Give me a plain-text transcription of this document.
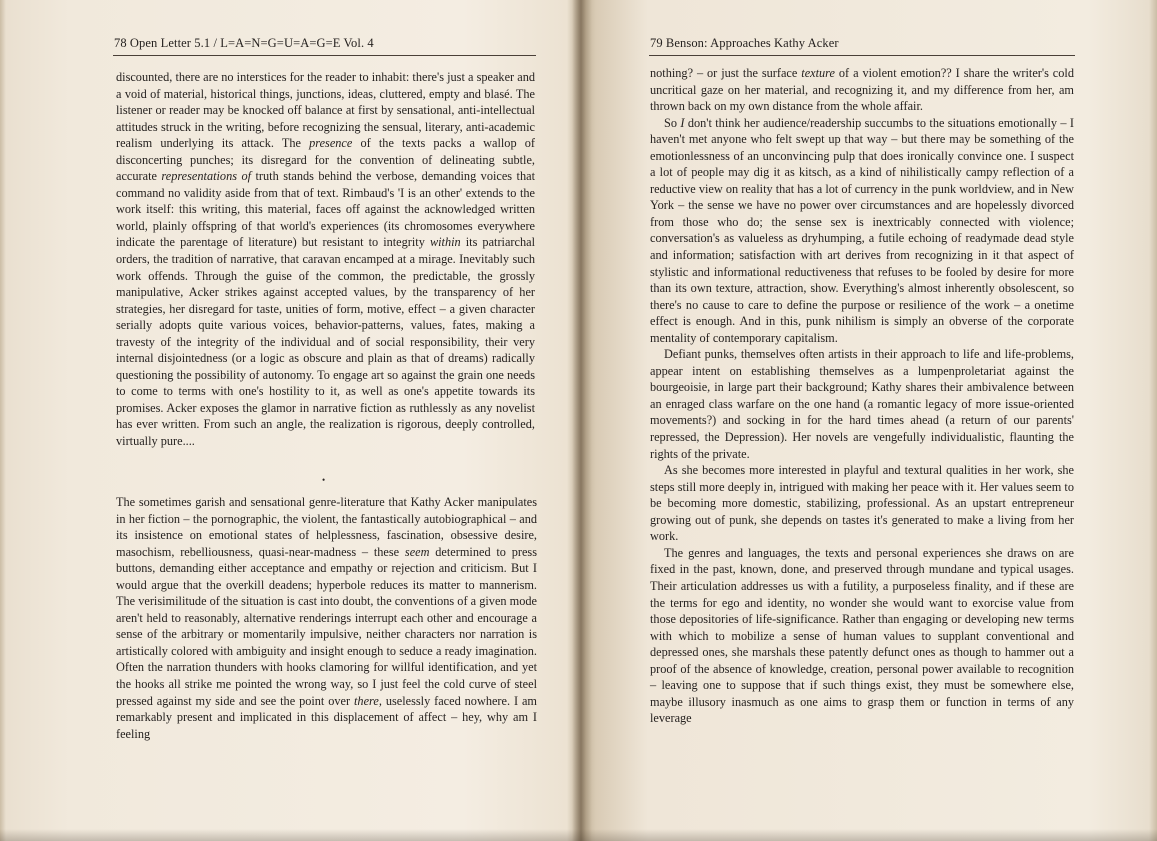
78 Open Letter 5.1 / L=A=N=G=U=A=G=E Vol. 4

discounted, there are no interstices for the reader to inhabit: there's just a speaker and a void of material, historical things, junctions, ideas, cluttered, empty and blasé. The listener or reader may be knocked off balance at first by sensational, anti-intellectual attitudes struck in the writing, before recognizing the sensual, literary, anti-academic realism underlying its attack. The presence of the texts packs a wallop of disconcerting punches; its disregard for the convention of delineating subtle, accurate representations of truth stands behind the verbose, demanding voices that command no validity aside from that of text. Rimbaud's 'I is an other' extends to the work itself: this writing, this material, faces off against the acknowledged written world, plainly offspring of that world's experiences (its chromosomes everywhere indicate the parentage of literature) but resistant to integrity within its patriarchal orders, the tradition of narrative, that caravan encamped at a mirage. Inevitably such work offends. Through the guise of the common, the predictable, the grossly manipulative, Acker strikes against accepted values, by the transparency of her strategies, her disregard for taste, unities of form, motive, effect – a given character serially adopts quite various voices, behavior-patterns, values, fates, making a travesty of the integrity of the individual and of social responsibility, their very internal disjointedness (or a logic as obscure and plain as that of dreams) radically questioning the possibility of autonomy. To engage art so against the grain one needs to come to terms with one's hostility to it, as well as one's appetite towards its promises. Acker exposes the glamor in narrative fiction as ruthlessly as any novelist has ever written. From such an angle, the realization is rigorous, deeply controlled, virtually pure....

•

The sometimes garish and sensational genre-literature that Kathy Acker manipulates in her fiction – the pornographic, the violent, the fantastically autobiographical – and its insistence on emotional states of helplessness, fascination, obsessive desire, masochism, rebelliousness, quasi-near-madness – these seem determined to press buttons, demanding either acceptance and empathy or rejection and criticism. But I would argue that the overkill deadens; hyperbole reduces its matter to mannerism. The verisimilitude of the situation is cast into doubt, the conventions of a given mode aren't held to reasonably, alternative renderings interrupt each other and encourage a sense of the arbitrary or momentarily impulsive, neither characters nor narration is artistically colored with ambiguity and insight enough to seduce a ready imagination. Often the narration thunders with hooks clamoring for willful identification, and yet the hooks all strike me pointed the wrong way, so I just feel the cold curve of steel pressed against my side and see the point over there, uselessly faced nowhere. I am remarkably present and implicated in this displacement of affect – hey, why am I feeling

79 Benson: Approaches Kathy Acker

nothing? – or just the surface texture of a violent emotion?? I share the writer's cold uncritical gaze on her material, and recognizing it, and my difference from her, am thrown back on my own distance from the whole affair.

So I don't think her audience/readership succumbs to the situations emotionally – I haven't met anyone who felt swept up that way – but there may be something of the emotionlessness of an unconvincing pulp that does ironically convince one. I suspect a lot of people may dig it as kitsch, as a kind of nihilistically campy reflection of a reductive view on reality that has a lot of currency in the punk worldview, and in New York – the sense we have no power over circumstances and are hopelessly divorced from those who do; the sense sex is inextricably connected with violence; conversation's as valueless as dryhumping, a futile echoing of readymade dead style and information; satisfaction with art derives from recognizing in it that aspect of stylistic and informational reductiveness that refuses to be fooled by desire for more than its own texture, attraction, show. Everything's almost inherently obsolescent, so there's no cause to care to define the purpose or resilience of the work – a onetime effect is enough. And in this, punk nihilism is simply an obverse of the corporate mentality of contemporary capitalism.

Defiant punks, themselves often artists in their approach to life and life-problems, appear intent on establishing themselves as a lumpenproletariat against the bourgeoisie, in large part their background; Kathy shares their ambivalence between an enraged class warfare on the one hand (a romantic legacy of more issue-oriented movements?) and socking in for the hard times ahead (a return of our parents' repressed, the Depression). Her novels are vengefully individualistic, flaunting the rights of the private.

As she becomes more interested in playful and textural qualities in her work, she steps still more deeply in, intrigued with making her peace with it. Her values seem to be becoming more domestic, stabilizing, professional. As an upstart entrepreneur growing out of punk, she depends on tastes it's generated to make a living from her work.

The genres and languages, the texts and personal experiences she draws on are fixed in the past, known, done, and preserved through mundane and typical usages. Their articulation addresses us with a futility, a purposeless finality, and if these are the terms for ego and identity, no wonder she would want to exorcise value from those depositories of life-significance. Rather than engaging or developing new terms with which to mobilize a sense of human values to supplant conventional and depressed ones, she marshals these patently defunct ones as though to hammer out a proof of the absence of knowledge, creation, personal power available to recognition – leaving one to suppose that if such things exist, they must be somewhere else, maybe illusory inasmuch as one aims to grasp them or function in terms of any leverage
